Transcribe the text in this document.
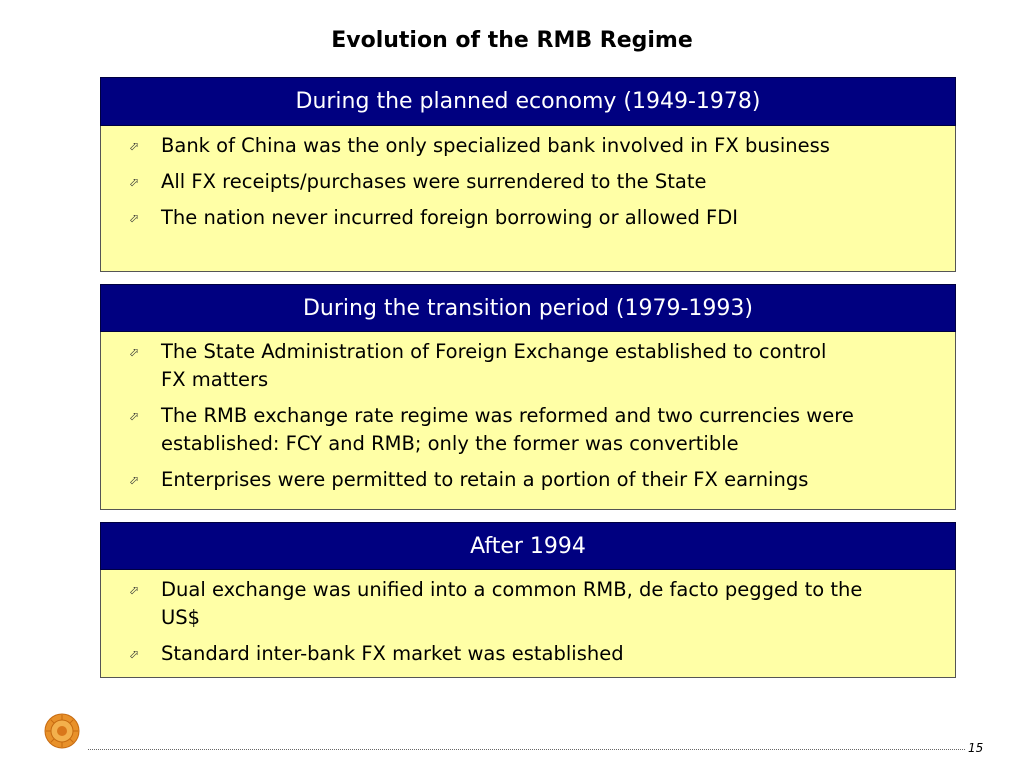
Evolution of the RMB Regime
During the planned economy (1949-1978)
⬀	Bank of China was the only specialized bank involved in FX business
⬀	All FX receipts/purchases were surrendered to the State
⬀	The nation never incurred foreign borrowing or allowed FDI
During the transition period (1979-1993)
⬀	The State Administration of Foreign Exchange established to control FX matters
⬀	The RMB exchange rate regime was reformed and two currencies were established: FCY and RMB; only the former was convertible
⬀	Enterprises were permitted to retain a portion of their FX earnings
After 1994
⬀	Dual exchange was unified into a common RMB, de facto pegged to the US$
⬀	Standard inter-bank FX market was established
15
